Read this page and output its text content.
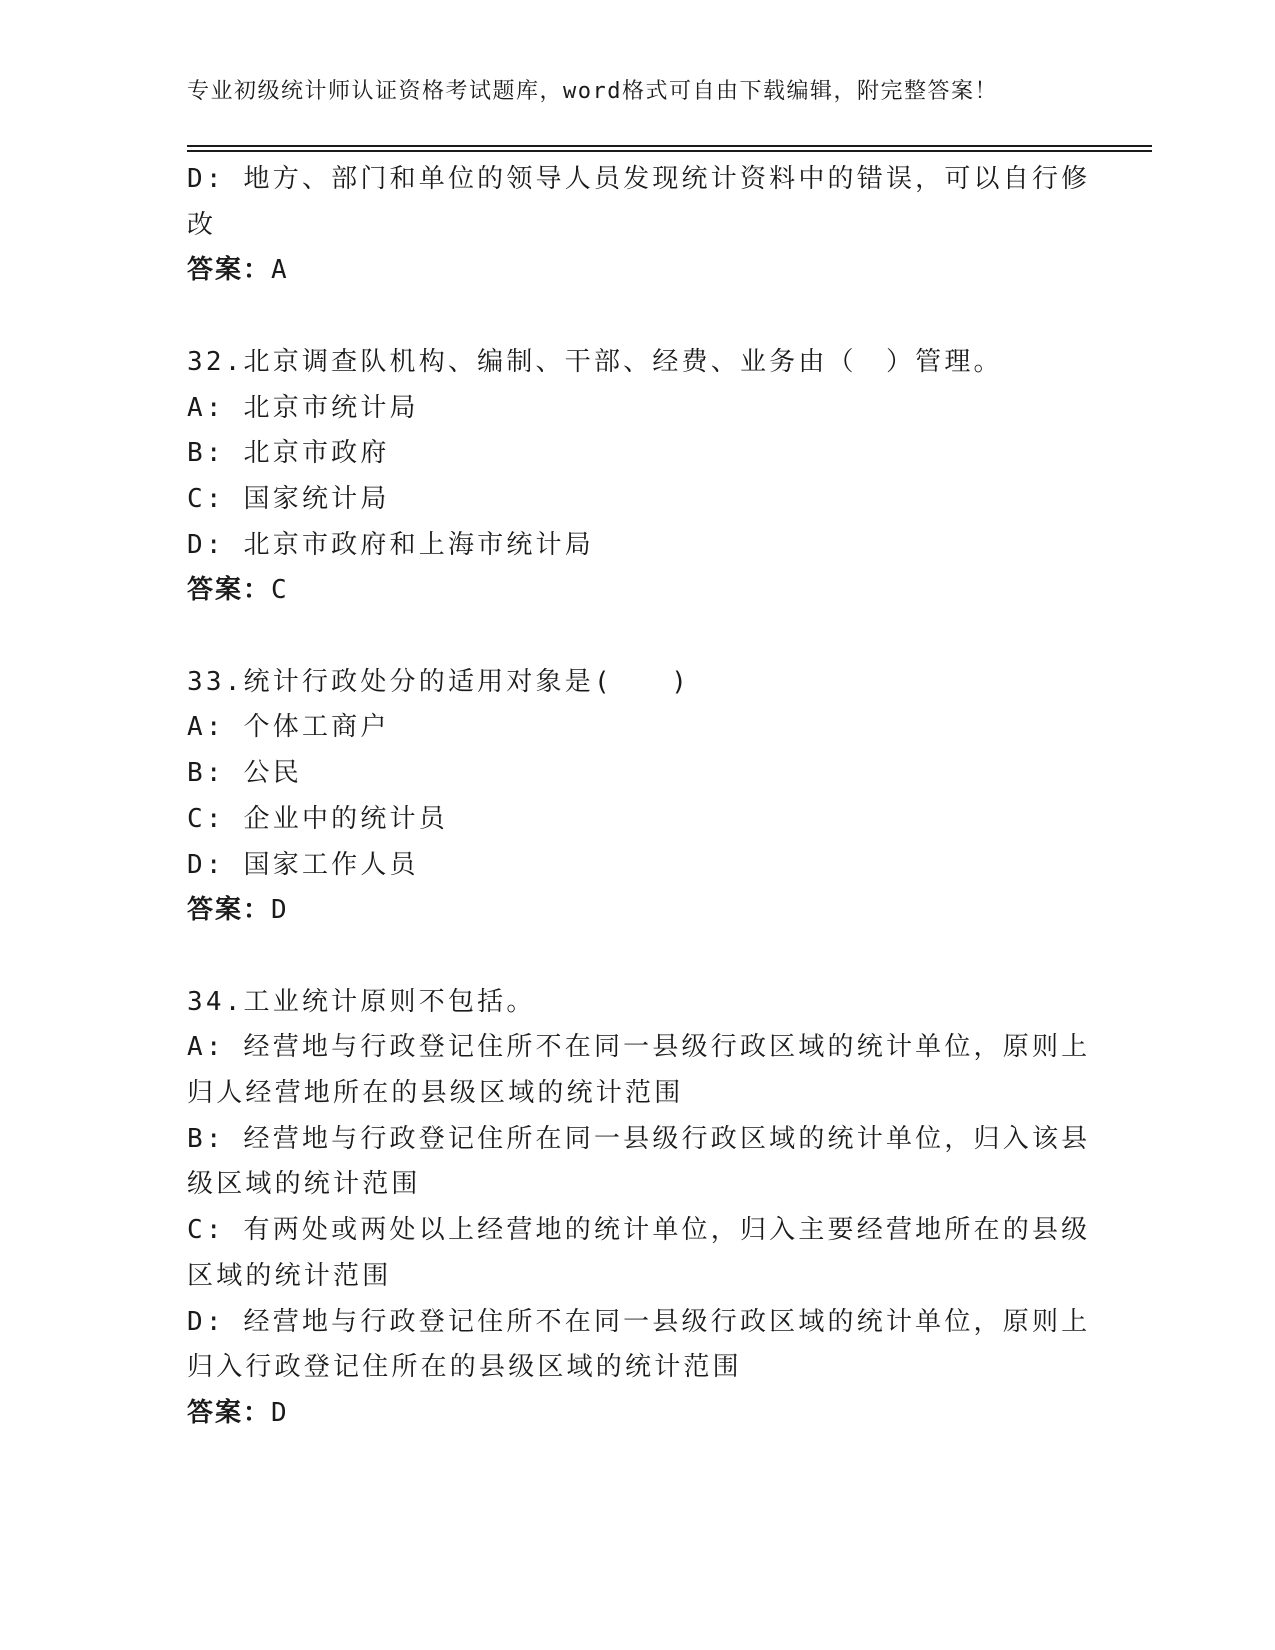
专业初级统计师认证资格考试题库，word格式可自由下载编辑，附完整答案！
D: 地方、部门和单位的领导人员发现统计资料中的错误，可以自行修
改
答案：A
32.北京调查队机构、编制、干部、经费、业务由（　）管理。
A: 北京市统计局
B: 北京市政府
C: 国家统计局
D: 北京市政府和上海市统计局
答案：C
33.统计行政处分的适用对象是(　　)
A: 个体工商户
B: 公民
C: 企业中的统计员
D: 国家工作人员
答案：D
34.工业统计原则不包括。
A: 经营地与行政登记住所不在同一县级行政区域的统计单位，原则上
归人经营地所在的县级区域的统计范围
B: 经营地与行政登记住所在同一县级行政区域的统计单位，归入该县
级区域的统计范围
C: 有两处或两处以上经营地的统计单位，归入主要经营地所在的县级
区域的统计范围
D: 经营地与行政登记住所不在同一县级行政区域的统计单位，原则上
归入行政登记住所在的县级区域的统计范围
答案：D
